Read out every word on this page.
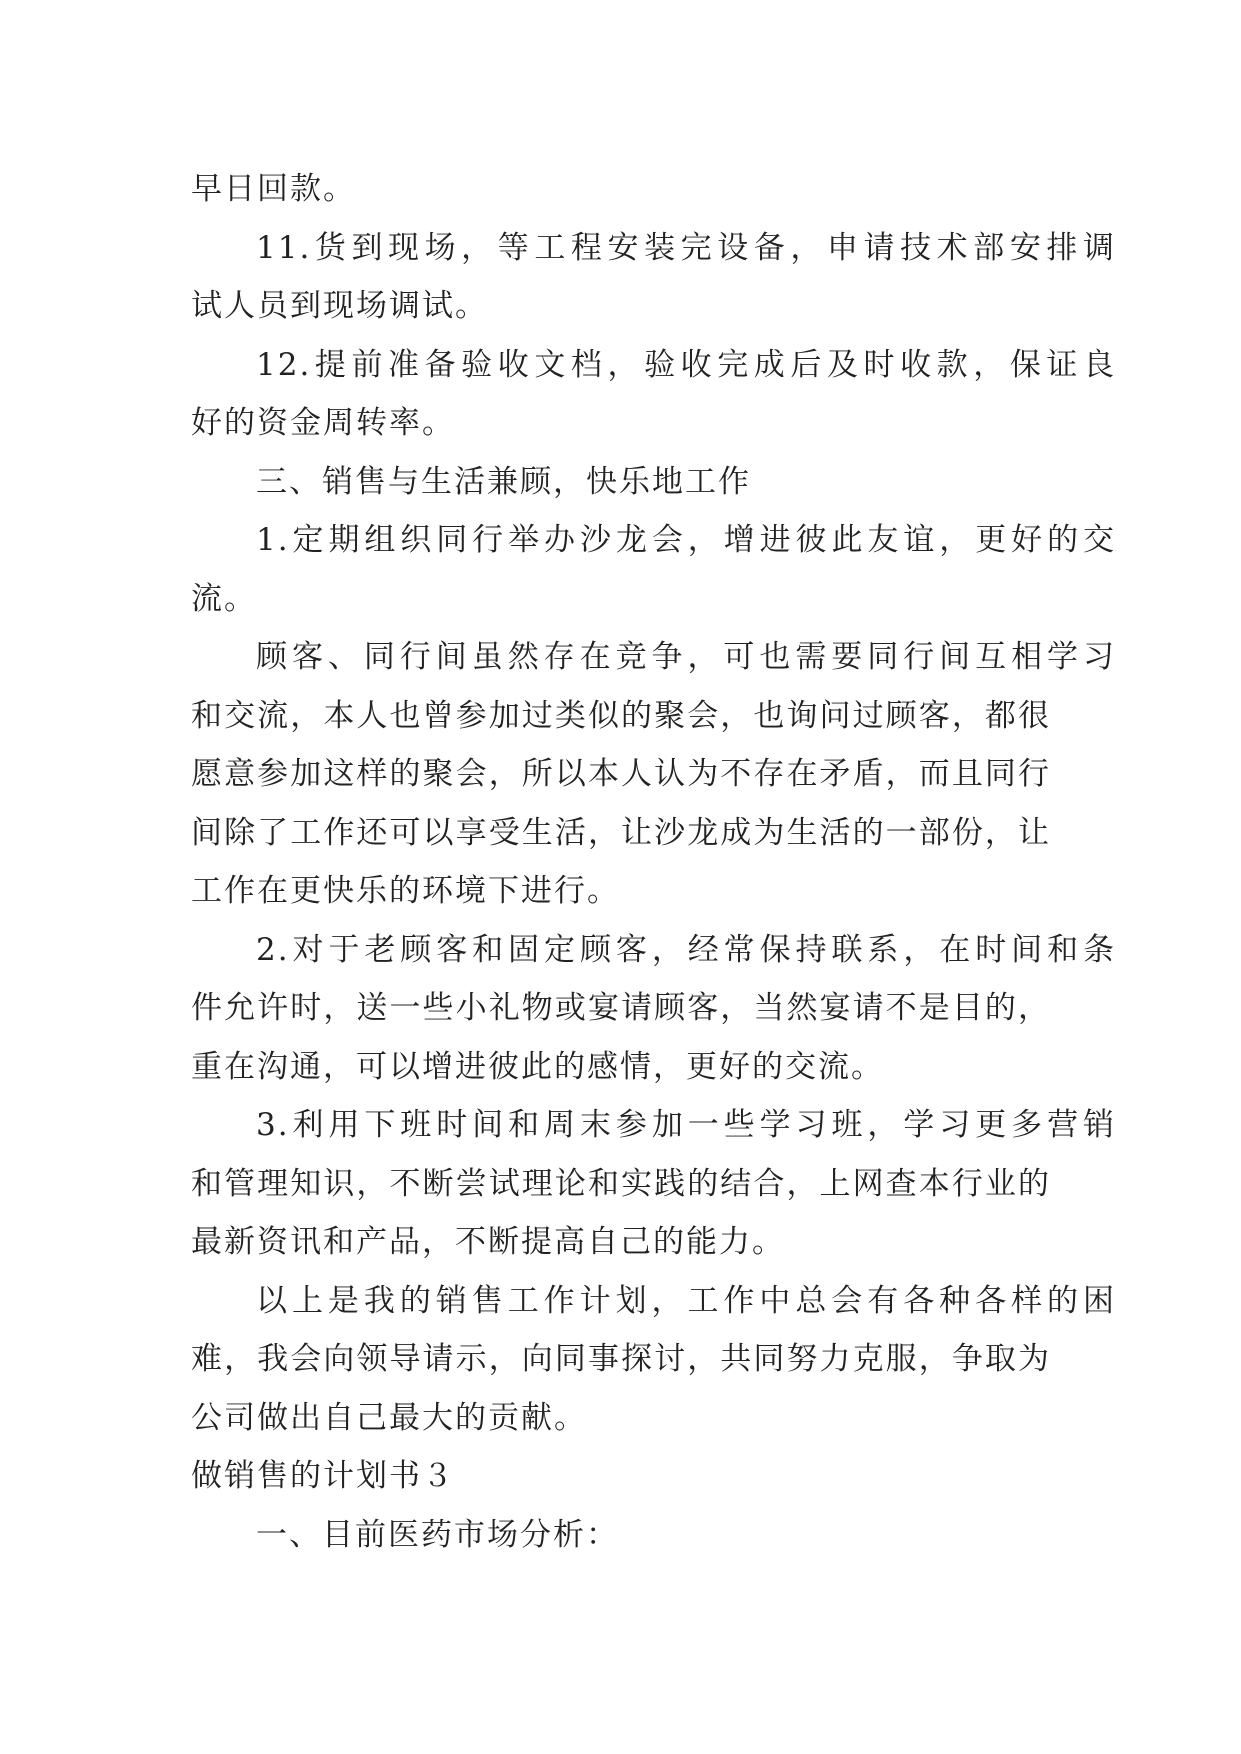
早日回款。
11.货到现场，等工程安装完设备，申请技术部安排调
试人员到现场调试。
12.提前准备验收文档，验收完成后及时收款，保证良
好的资金周转率。
三、销售与生活兼顾，快乐地工作
1.定期组织同行举办沙龙会，增进彼此友谊，更好的交
流。
顾客、同行间虽然存在竞争，可也需要同行间互相学习
和交流，本人也曾参加过类似的聚会，也询问过顾客，都很
愿意参加这样的聚会，所以本人认为不存在矛盾，而且同行
间除了工作还可以享受生活，让沙龙成为生活的一部份，让
工作在更快乐的环境下进行。
2.对于老顾客和固定顾客，经常保持联系，在时间和条
件允许时，送一些小礼物或宴请顾客，当然宴请不是目的，
重在沟通，可以增进彼此的感情，更好的交流。
3.利用下班时间和周末参加一些学习班，学习更多营销
和管理知识，不断尝试理论和实践的结合，上网查本行业的
最新资讯和产品，不断提高自己的能力。
以上是我的销售工作计划，工作中总会有各种各样的困
难，我会向领导请示，向同事探讨，共同努力克服，争取为
公司做出自己最大的贡献。
做销售的计划书３
一、目前医药市场分析：
